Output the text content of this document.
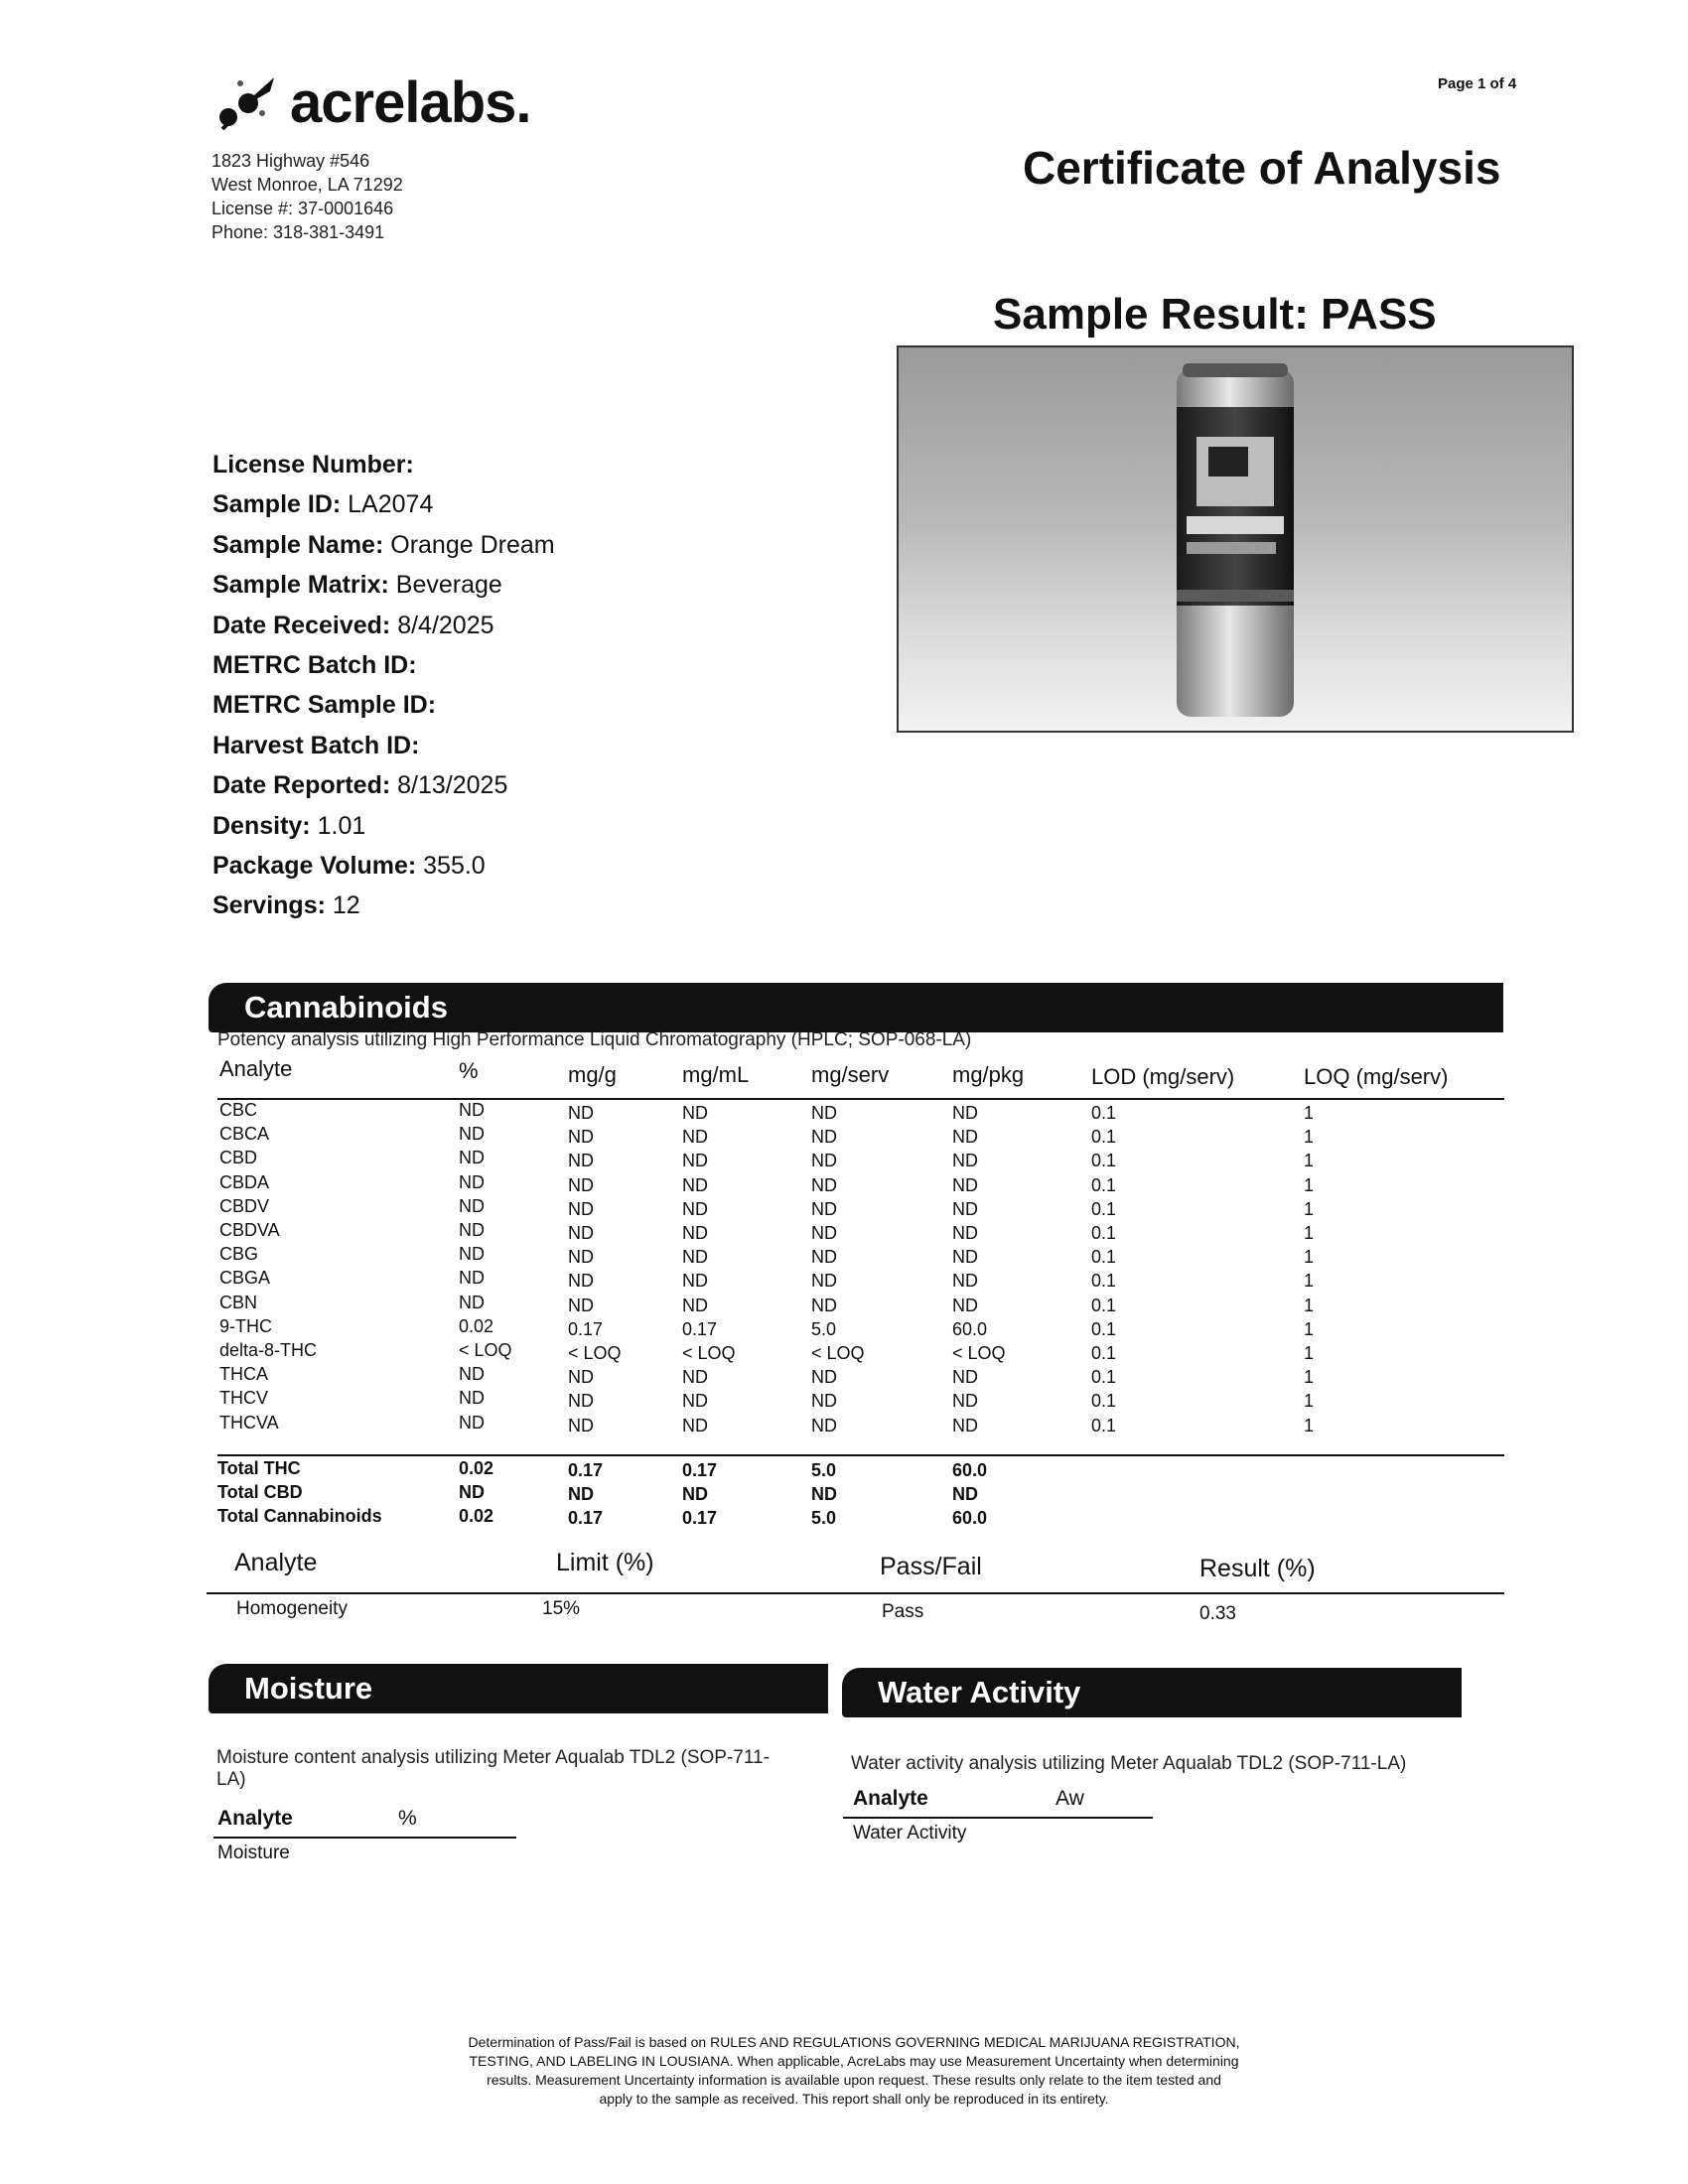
acrelabs.
1823 Highway #546
West Monroe, LA 71292
License #: 37-0001646
Phone: 318-381-3491
Page 1 of 4
Certificate of Analysis
Sample Result: PASS
License Number:
Sample ID: LA2074
Sample Name: Orange Dream
Sample Matrix: Beverage
Date Received: 8/4/2025
METRC Batch ID:
METRC Sample ID:
Harvest Batch ID:
Date Reported: 8/13/2025
Density: 1.01
Package Volume: 355.0
Servings: 12
Cannabinoids
Potency analysis utilizing High Performance Liquid Chromatography (HPLC; SOP-068-LA)
Analyte	%	mg/g	mg/mL	mg/serv	mg/pkg	LOD (mg/serv)	LOQ (mg/serv)
CBC	ND	ND	ND	ND	ND	0.1	1
CBCA	ND	ND	ND	ND	ND	0.1	1
CBD	ND	ND	ND	ND	ND	0.1	1
CBDA	ND	ND	ND	ND	ND	0.1	1
CBDV	ND	ND	ND	ND	ND	0.1	1
CBDVA	ND	ND	ND	ND	ND	0.1	1
CBG	ND	ND	ND	ND	ND	0.1	1
CBGA	ND	ND	ND	ND	ND	0.1	1
CBN	ND	ND	ND	ND	ND	0.1	1
9-THC	0.02	0.17	0.17	5.0	60.0	0.1	1
delta-8-THC	< LOQ	< LOQ	< LOQ	< LOQ	< LOQ	0.1	1
THCA	ND	ND	ND	ND	ND	0.1	1
THCV	ND	ND	ND	ND	ND	0.1	1
THCVA	ND	ND	ND	ND	ND	0.1	1
Total THC	0.02	0.17	0.17	5.0	60.0
Total CBD	ND	ND	ND	ND	ND
Total Cannabinoids	0.02	0.17	0.17	5.0	60.0
Analyte	Limit (%)	Pass/Fail	Result (%)
Homogeneity	15%	Pass	0.33
Moisture
Moisture content analysis utilizing Meter Aqualab TDL2 (SOP-711-
LA)
Analyte	%
Moisture
Water Activity
Water activity analysis utilizing Meter Aqualab TDL2 (SOP-711-LA)
Analyte	Aw
Water Activity
Determination of Pass/Fail is based on RULES AND REGULATIONS GOVERNING MEDICAL MARIJUANA REGISTRATION,
TESTING, AND LABELING IN LOUSIANA. When applicable, AcreLabs may use Measurement Uncertainty when determining
results. Measurement Uncertainty information is available upon request. These results only relate to the item tested and
apply to the sample as received. This report shall only be reproduced in its entirety.
